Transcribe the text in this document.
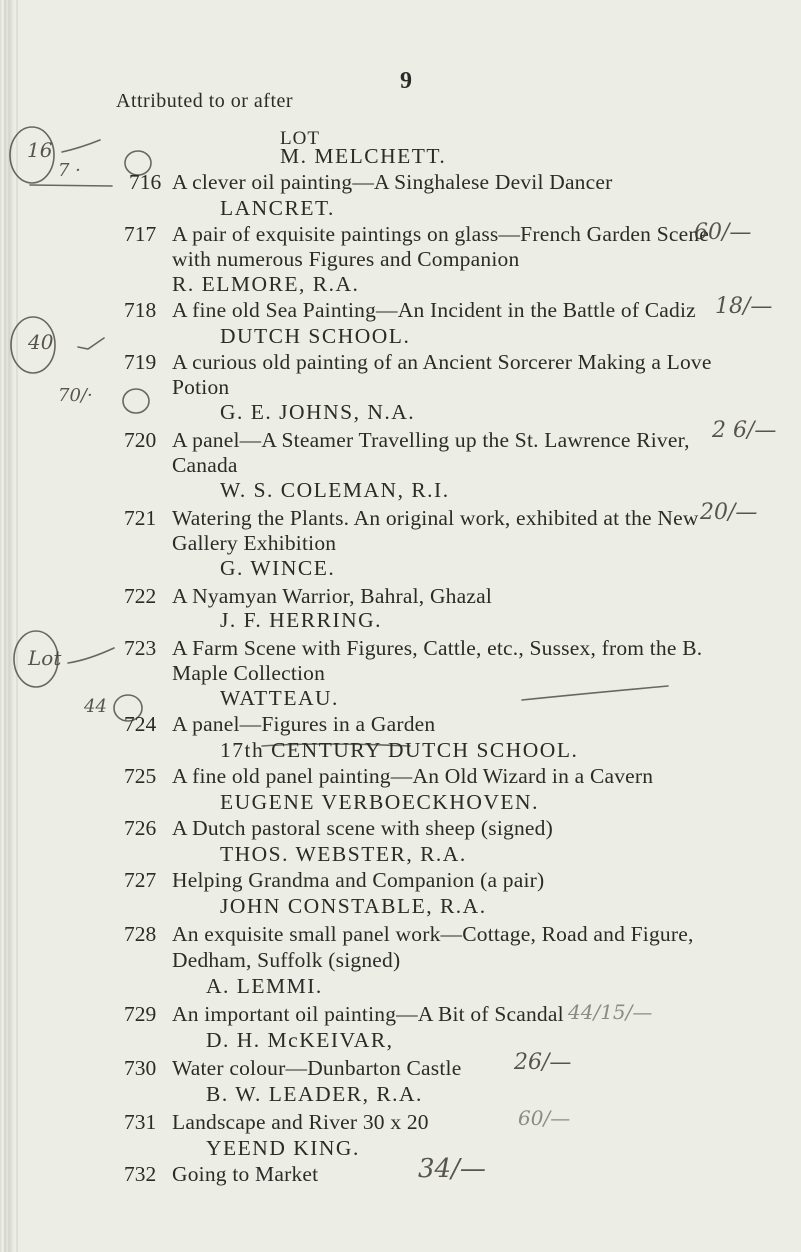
9
Attributed to or after
16
7 ·
40
70/·
Lot
44
LOT
M. MELCHETT.
716 A clever oil painting—A Singhalese Devil Dancer
LANCRET.
717 A pair of exquisite paintings on glass—French Garden Scene
60/—
with numerous Figures and Companion
R. ELMORE, R.A.
718 A fine old Sea Painting—An Incident in the Battle of Cadiz 18/—
DUTCH SCHOOL.
719 A curious old painting of an Ancient Sorcerer Making a Love
Potion
G. E. JOHNS, N.A.
720 A panel—A Steamer Travelling up the St. Lawrence River, 2 6/—
Canada
W. S. COLEMAN, R.I.
721 Watering the Plants. An original work, exhibited at the New 20/—
Gallery Exhibition
G. WINCE.
722 A Nyamyan Warrior, Bahral, Ghazal
J. F. HERRING.
723 A Farm Scene with Figures, Cattle, etc., Sussex, from the B.
Maple Collection
WATTEAU.
724 A panel—Figures in a Garden
17th CENTURY DUTCH SCHOOL.
725 A fine old panel painting—An Old Wizard in a Cavern
EUGENE VERBOECKHOVEN.
726 A Dutch pastoral scene with sheep (signed)
THOS. WEBSTER, R.A.
727 Helping Grandma and Companion (a pair)
JOHN CONSTABLE, R.A.
728 An exquisite small panel work—Cottage, Road and Figure,
Dedham, Suffolk (signed)
A. LEMMI.
729 An important oil painting—A Bit of Scandal 44/15/—
D. H. McKEIVAR,
730 Water colour—Dunbarton Castle 26/—
B. W. LEADER, R.A.
731 Landscape and River 30 x 20	60/—
YEEND KING.
732 Going to Market	34/—
